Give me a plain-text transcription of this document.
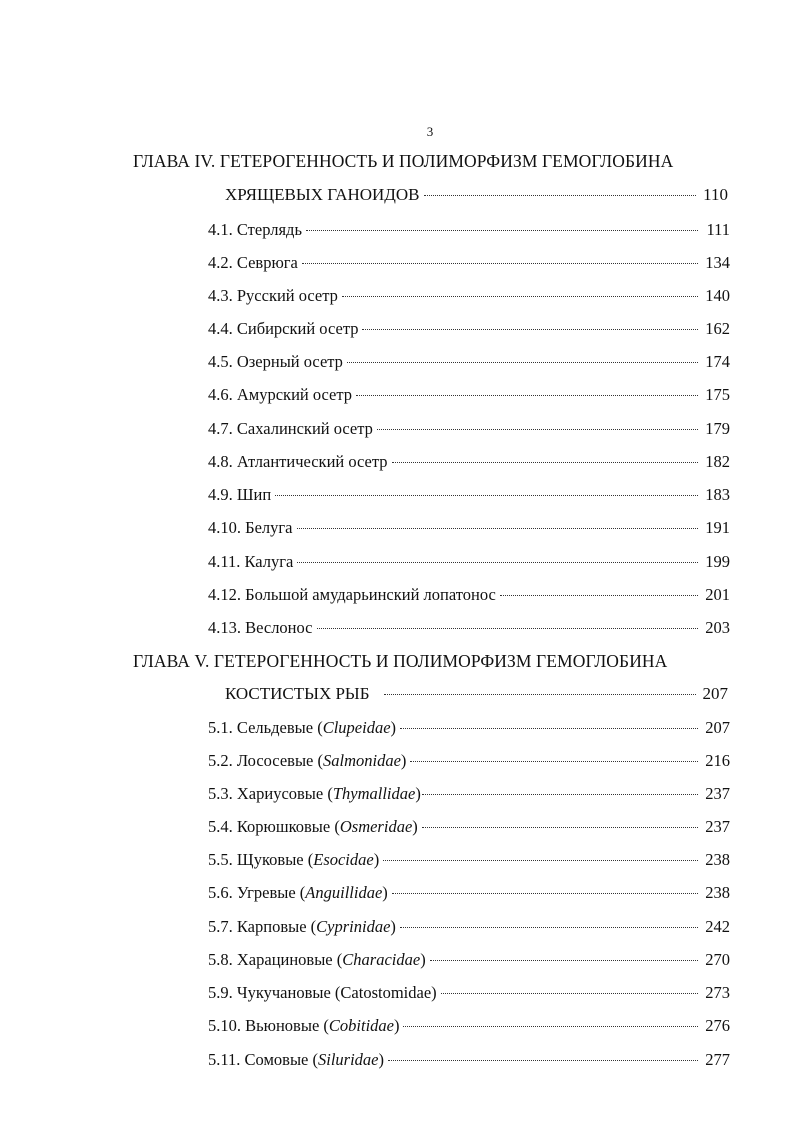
3
ГЛАВА IV. ГЕТЕРОГЕННОСТЬ И ПОЛИМОРФИЗМ ГЕМОГЛОБИНА
ХРЯЩЕВЫХ ГАНОИДОВ	110
4.1. Стерлядь	111
4.2. Севрюга	134
4.3. Русский осетр	140
4.4. Сибирский осетр	162
4.5. Озерный осетр	174
4.6. Амурский осетр	175
4.7. Сахалинский осетр	179
4.8. Атлантический осетр	182
4.9. Шип	183
4.10. Белуга	191
4.11. Калуга	199
4.12. Большой амударьинский лопатонос	201
4.13. Веслонос	203
ГЛАВА V. ГЕТЕРОГЕННОСТЬ И ПОЛИМОРФИЗМ ГЕМОГЛОБИНА
КОСТИСТЫХ РЫБ	207
5.1. Сельдевые (Clupeidae)	207
5.2. Лососевые (Salmonidae)	216
5.3. Хариусовые (Thymallidae)	237
5.4. Корюшковые (Osmeridae)	237
5.5. Щуковые (Esocidae)	238
5.6. Угревые (Anguillidae)	238
5.7. Карповые (Cyprinidae)	242
5.8. Харациновые (Characidae)	270
5.9. Чукучановые (Catostomidae)	273
5.10. Вьюновые (Cobitidae)	276
5.11. Сомовые (Siluridae)	277
